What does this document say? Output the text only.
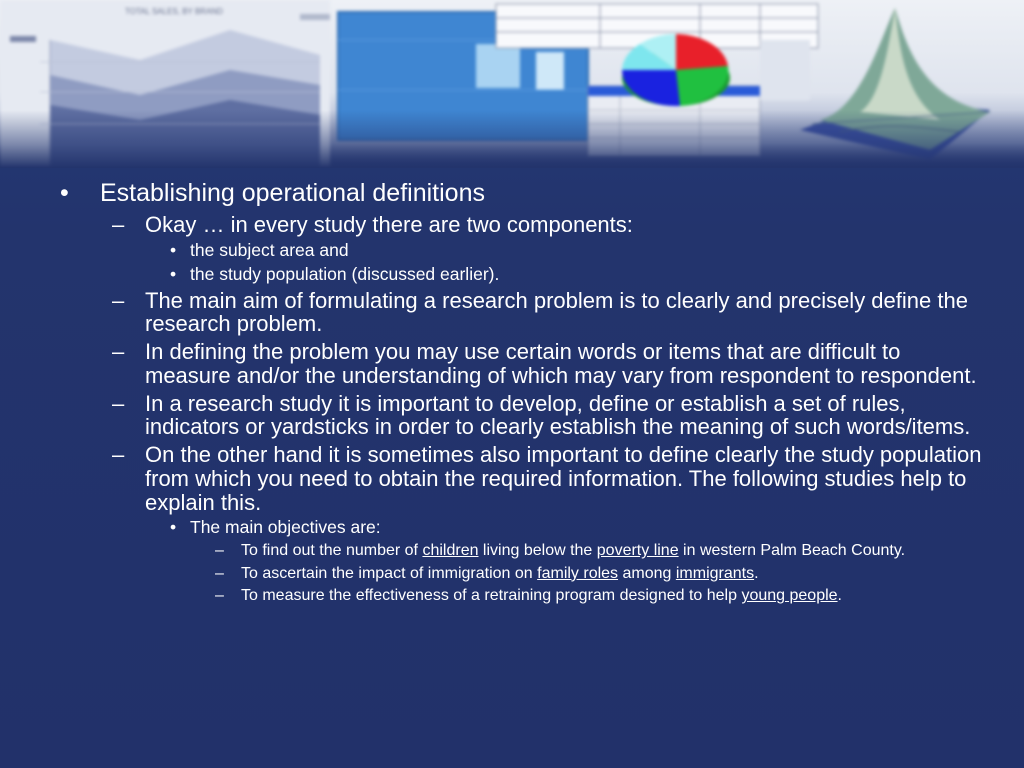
TOTAL SALES, BY BRAND
• Establishing operational definitions
– Okay … in every study there are two components:
• the subject area and
• the study population (discussed earlier).
– The main aim of formulating a research problem is to clearly and precisely define the research problem.
– In defining the problem you may use certain words or items that are difficult to measure and/or the understanding of which may vary from respondent to respondent.
– In a research study it is important to develop, define or establish a set of rules, indicators or yardsticks in order to clearly establish the meaning of such words/items.
– On the other hand it is sometimes also important to define clearly the study population from which you need to obtain the required information. The following studies help to explain this.
• The main objectives are:
– To find out the number of children living below the poverty line in western Palm Beach County.
– To ascertain the impact of immigration on family roles among immigrants.
– To measure the effectiveness of a retraining program designed to help young people.
